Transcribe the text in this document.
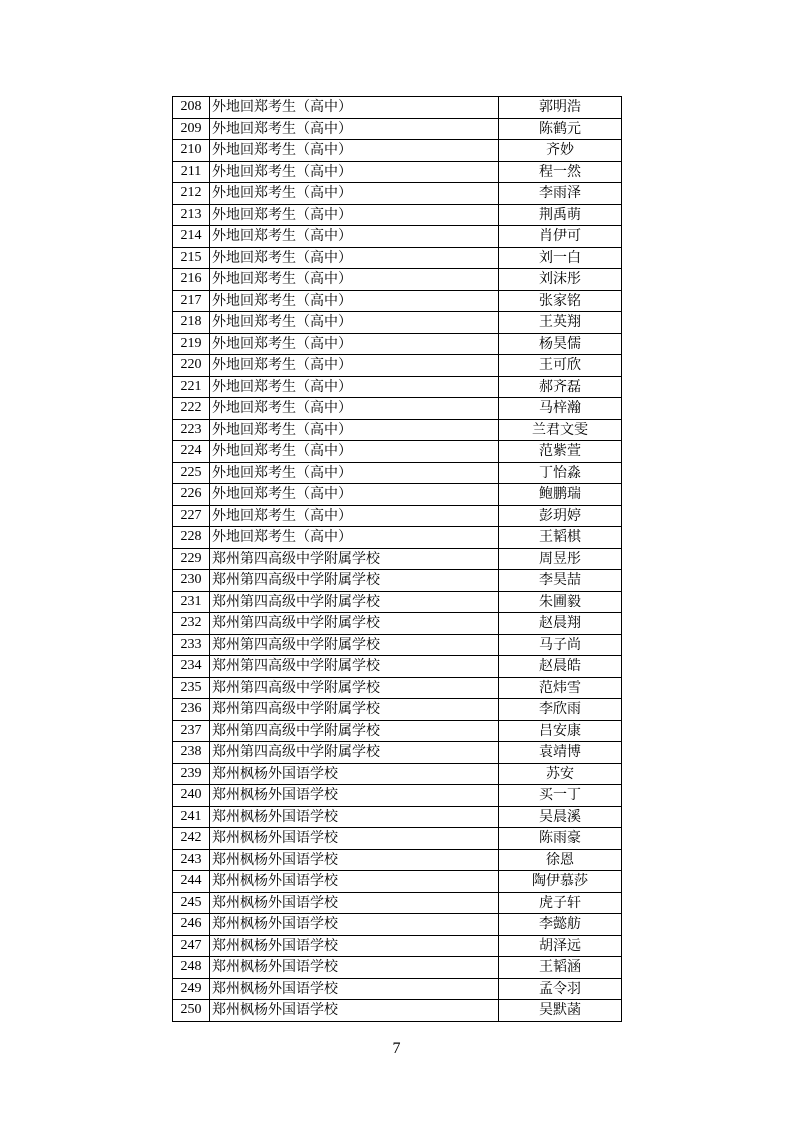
208	外地回郑考生（高中）	郭明浩
209	外地回郑考生（高中）	陈鹤元
210	外地回郑考生（高中）	齐妙
211	外地回郑考生（高中）	程一然
212	外地回郑考生（高中）	李雨泽
213	外地回郑考生（高中）	荆禹萌
214	外地回郑考生（高中）	肖伊可
215	外地回郑考生（高中）	刘一白
216	外地回郑考生（高中）	刘沫彤
217	外地回郑考生（高中）	张家铭
218	外地回郑考生（高中）	王英翔
219	外地回郑考生（高中）	杨昊儒
220	外地回郑考生（高中）	王可欣
221	外地回郑考生（高中）	郝齐磊
222	外地回郑考生（高中）	马梓瀚
223	外地回郑考生（高中）	兰君文雯
224	外地回郑考生（高中）	范紫萱
225	外地回郑考生（高中）	丁怡淼
226	外地回郑考生（高中）	鲍鹏瑞
227	外地回郑考生（高中）	彭玥婷
228	外地回郑考生（高中）	王韬棋
229	郑州第四高级中学附属学校	周昱彤
230	郑州第四高级中学附属学校	李昊喆
231	郑州第四高级中学附属学校	朱圃毅
232	郑州第四高级中学附属学校	赵晨翔
233	郑州第四高级中学附属学校	马子尚
234	郑州第四高级中学附属学校	赵晨皓
235	郑州第四高级中学附属学校	范炜雪
236	郑州第四高级中学附属学校	李欣雨
237	郑州第四高级中学附属学校	吕安康
238	郑州第四高级中学附属学校	袁靖博
239	郑州枫杨外国语学校	苏安
240	郑州枫杨外国语学校	买一丁
241	郑州枫杨外国语学校	吴晨溪
242	郑州枫杨外国语学校	陈雨豪
243	郑州枫杨外国语学校	徐恩
244	郑州枫杨外国语学校	陶伊慕莎
245	郑州枫杨外国语学校	虎子轩
246	郑州枫杨外国语学校	李懿舫
247	郑州枫杨外国语学校	胡泽远
248	郑州枫杨外国语学校	王韬涵
249	郑州枫杨外国语学校	孟令羽
250	郑州枫杨外国语学校	吴默菡
7
